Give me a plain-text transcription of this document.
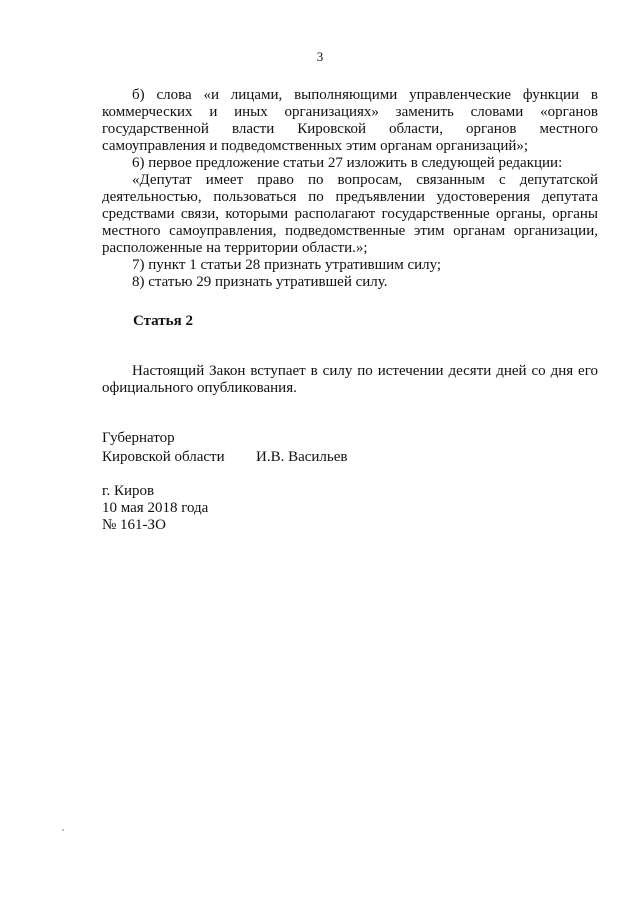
3

б) слова «и лицами, выполняющими управленческие функции в коммерческих и иных организациях» заменить словами «органов государственной власти Кировской области, органов местного самоуправления и подведомственных этим органам организаций»;

6) первое предложение статьи 27 изложить в следующей редакции:

«Депутат имеет право по вопросам, связанным с депутатской деятельностью, пользоваться по предъявлении удостоверения депутата средствами связи, которыми располагают государственные органы, органы местного самоуправления, подведомственные этим органам организации, расположенные на территории области.»;

7) пункт 1 статьи 28 признать утратившим силу;

8) статью 29 признать утратившей силу.

Статья 2

Настоящий Закон вступает в силу по истечении десяти дней со дня его официального опубликования.

Губернатор
Кировской области	И.В. Васильев
г. Киров
10 мая 2018 года
№ 161-ЗО
